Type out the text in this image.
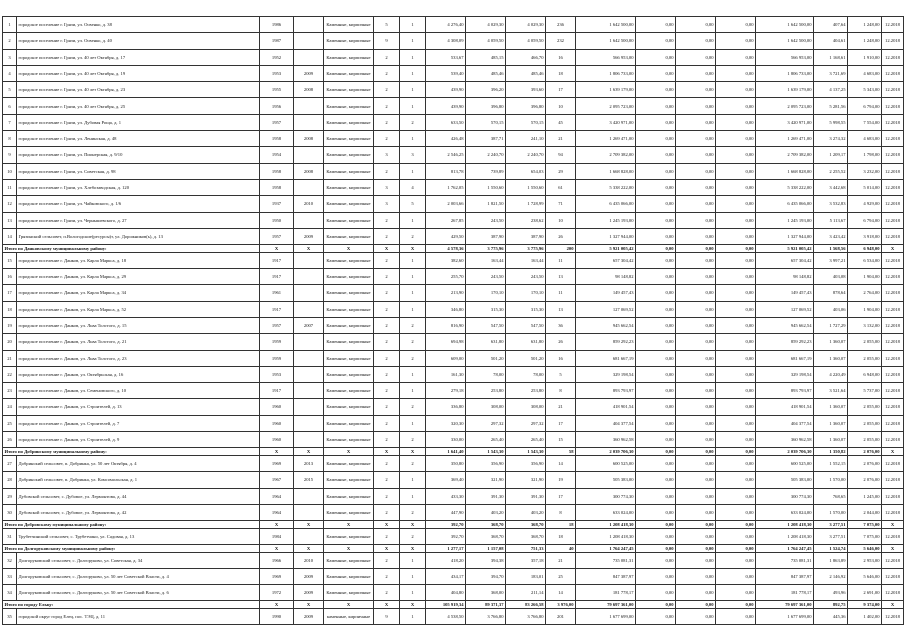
1	городское поселение г. Грязи, ул. Освенко, д. 38	1986		Каменные, кирпичные	5	1	4 276,40	4 029,30	4 029,30	236	1 642 500,00	0,00	0,00	0,00	1 642 500,00	407,64	1 248,00	12.2018
2	городское поселение г. Грязи, ул. Освенко, д. 40	1987		Каменные, кирпичные	9	1	4 308,09	4 059,50	4 059,50	232	1 642 500,00	0,00	0,00	0,00	1 642 500,00	404,61	1 248,00	12.2018
3	городское поселение г. Грязи, ул. 40 лет Октября, д. 17	1952		Каменные, кирпичные	2	1	533,67	485,15	466,70	16	566 953,00	0,00	0,00	0,00	566 953,00	1 168,61	1 910,00	12.2018
4	городское поселение г. Грязи, ул. 40 лет Октября, д. 19	1953	2009	Каменные, кирпичные	2	1	539,40	485,46	485,46	18	1 806 733,00	0,00	0,00	0,00	1 806 733,00	3 721,69	4 683,00	12.2018
5	городское поселение г. Грязи, ул. 40 лет Октября, д. 23	1955	2008	Каменные, кирпичные	2	1	439,90	396,20	393,60	17	1 639 179,00	0,00	0,00	0,00	1 639 179,00	4 137,25	5 343,00	12.2018
6	городское поселение г. Грязи, ул. 40 лет Октября, д. 25	1956		Каменные, кирпичные	2	1	439,90	396,80	396,80	10	2 095 723,00	0,00	0,00	0,00	2 095 723,00	5 281,56	6 794,00	12.2018
7	городское поселение г. Грязи, ул. Дубовая Роща, д. 1	1957		Каменные, кирпичные	2	2	633,50	570,15	570,15	45	3 420 971,00	0,00	0,00	0,00	3 420 971,00	5 998,55	7 554,00	12.2018
8	городское поселение г. Грязи, ул. Ленинская, д. 48	1958	2008	Каменные, кирпичные	2	1	426,48	387,71	241,10	21	1 269 471,00	0,00	0,00	0,00	1 269 471,00	3 274,32	4 683,00	12.2018
9	городское поселение г. Грязи, ул. Пионерская, д. 9/10	1954		Каменные, кирпичные	3	3	2 546,25	2 240,70	2 240,70	94	2 709 382,00	0,00	0,00	0,00	2 709 382,00	1 209,17	1 798,00	12.2018
10	городское поселение г. Грязи, ул. Советская, д. 98	1958	2008	Каменные, кирпичные	2	1	813,78	739,89	654,03	29	1 668 828,00	0,00	0,00	0,00	1 668 828,00	2 255,52	3 232,00	12.2018
11	городское поселение г. Грязи, ул. Хлебозаводская, д. 120	1958		Каменные, кирпичные	3	4	1 762,05	1 550,60	1 550,60	61	5 338 222,00	0,00	0,00	0,00	5 338 222,00	3 442,68	5 014,00	12.2018
12	городское поселение г. Грязи, ул. Чайковского, д. 1/6	1937	2010	Каменные, кирпичные	3	5	2 003,66	1 821,50	1 728,99	71	6 435 066,00	0,00	0,00	0,00	6 435 066,00	3 532,83	4 929,00	12.2018
13	городское поселение г. Грязи, ул. Чернышевского, д. 27	1950		Каменные, кирпичные	2	1	267,85	243,50	238,62	10	1 245 193,00	0,00	0,00	0,00	1 245 193,00	5 113,67	6 794,00	12.2018
14	Грязинский сельсовет, п.Вологодские(ресурсы)т, ул. Дорожников(ь), д. 13	1957	2009	Каменные, кирпичные	2	2	429,50	387,90	387,90	26	1 327 944,00	0,00	0,00	0,00	1 327 944,00	3 423,42	3 918,00	12.2018
Итого по Данковскому муниципальному району:		X	X	X	X	X	4 578,36	3 775,96	3 775,96	200	5 921 005,42	0,00	0,00	0,00	5 921 005,42	1 568,56	6 948,00	X
15	городское поселение г. Данков, ул. Карла Маркса, д. 18	1917		Каменные, кирпичные	2	1	382,60	163,44	163,44	11	657 304,42	0,00	0,00	0,00	657 304,42	3 997,21	6 534,00	12.2018
16	городское поселение г. Данков, ул. Карла Маркса, д. 29	1917		Каменные, кирпичные	2	1	255,70	243,50	243,50	13	98 148,82	0,00	0,00	0,00	98 148,82	403,08	1 904,00	12.2018
17	городское поселение г. Данков, ул. Карла Маркса, д. 34	1961		Каменные, кирпичные	2	1	213,90	170,10	170,10	11	149 457,43	0,00	0,00	0,00	149 457,43	878,64	2 764,00	12.2018
18	городское поселение г. Данков, ул. Карла Маркса, д. 52	1917		Каменные, кирпичные	2	1	346,80	315,30	315,30	13	127 069,52	0,00	0,00	0,00	127 069,52	403,06	1 904,00	12.2018
19	городское поселение г. Данков, ул. Льва Толстого, д. 15	1957	2007	Каменные, кирпичные	2	2	816,90	547,50	547,50	36	945 662,54	0,00	0,00	0,00	945 662,54	1 727,29	3 132,00	12.2018
20	городское поселение г. Данков, ул. Льва Толстого, д. 21	1959		Каменные, кирпичные	2	2	694,98	631,80	631,80	26	859 292,23	0,00	0,00	0,00	859 292,23	1 360,07	2 055,00	12.2018
21	городское поселение г. Данков, ул. Льва Толстого, д. 23	1959		Каменные, кирпичные	2	2	609,00	501,20	501,20	16	681 667,19	0,00	0,00	0,00	681 667,19	1 360,07	2 055,00	12.2018
22	городское поселение г. Данков, ул. Октябрьская, д. 16	1953		Каменные, кирпичные	2	1	161,30	78,00	78,00	5	329 198,54	0,00	0,00	0,00	329 198,54	4 220,49	6 948,00	12.2018
23	городское поселение г. Данков, ул. Семеновского, д. 10	1917		Каменные, кирпичные	2	1	279,18	253,80	253,80	8	893 793,97	0,00	0,00	0,00	893 793,97	3 521,64	5 737,00	12.2018
24	городское поселение г. Данков, ул. Строителей, д. 13	1960		Каменные, кирпичные	2	2	336,80	308,00	308,00	21	418 901,54	0,00	0,00	0,00	418 901,54	1 360,07	2 055,00	12.2018
25	городское поселение г. Данков, ул. Строителей, д. 7	1960		Каменные, кирпичные	2	1	320,30	297,32	297,32	17	404 377,54	0,00	0,00	0,00	404 377,54	1 360,07	2 055,00	12.2018
26	городское поселение г. Данков, ул. Строителей, д. 9	1960		Каменные, кирпичные	2	2	330,00	265,40	265,40	15	360 962,58	0,00	0,00	0,00	360 962,58	1 360,07	2 055,00	12.2018
Итого по Добринскому муниципальному району:		X	X	X	X	X	1 641,40	1 543,30	1 543,30	58	2 039 706,30	0,00	0,00	0,00	2 039 706,30	1 350,82	2 076,00	X
27	Добринский сельсовет, п. Добринка, ул. 50 лет Октября, д. 4	1969	2013	Каменные, кирпичные	2	2	350,80	356,90	356,90	14	600 525,00	0,00	0,00	0,00	600 525,00	1 552,15	2 076,00	12.2018
28	Добринский сельсовет, п. Добринка, ул. Комсомольская, д. 1	1967	2015	Каменные, кирпичные	2	1	369,40	321,90	321,90	19	505 383,00	0,00	0,00	0,00	505 383,00	1 570,00	2 076,00	12.2018
29	Дубовской сельсовет, с. Дубовое, ул. Лермонтова, д. 44	1964		Каменные, кирпичные	2	1	433,30	391,30	391,30	17	300 774,30	0,00	0,00	0,00	300 774,30	768,65	1 245,00	12.2018
30	Дубовской сельсовет, с. Дубовое, ул. Лермонтова, д. 42	1964		Каменные, кирпичные	2	2	447,90	403,20	403,20	8	633 024,00	0,00	0,00	0,00	633 024,00	1 570,00	2 044,00	12.2018
Итого по Добровскому муниципальному району:		X	X	X	X	X	392,70	368,70	368,70	18	1 208 418,30	0,00	0,00	0,00	1 208 418,30	3 277,51	7 075,00	X
31	Трубетчинский сельсовет, с. Трубетчино, ул. Садовая, д. 13	1984		Каменные, кирпичные	2	2	392,70	368,70	368,70	18	1 208 418,30	0,00	0,00	0,00	1 208 418,30	3 277,51	7 075,00	12.2018
Итого по Долгоруковскому муниципальному району:		X	X	X	X	X	1 277,17	1 157,08	751,33	40	1 764 247,45	0,00	0,00	0,00	1 764 247,45	1 524,74	5 646,00	X
32	Долгоруковский сельсовет, с. Долгоруково, ул. Советская, д. 34	1966	2010	Каменные, кирпичные	2	1	418,20	394,38	357,18	21	735 081,31	0,00	0,00	0,00	735 081,31	1 863,89	2 953,00	12.2018
33	Долгоруковский сельсовет, с. Долгоруково, ул. 50 лет Советской Власти, д. 4	1969	2009	Каменные, кирпичные	2	1	434,17	394,70	183,01	25	847 387,97	0,00	0,00	0,00	847 387,97	2 146,92	5 646,00	12.2018
34	Долгоруковский сельсовет, с. Долгоруково, ул. 50 лет Советской Власти, д. 6	1972	2009	Каменные, кирпичные	2	1	404,80	368,00	211,14	14	181 778,17	0,00	0,00	0,00	181 778,17	493,96	2 691,00	12.2018
Итого по городу Ельцу:		X	X	X	X	X	105 919,34	89 371,37	83 266,58	3 976,00	79 697 361,00	0,00	0,00	0,00	79 697 361,00	892,75	9 374,00	X
35	городской округ город Елец, пос. ТЭЦ, д. 11	1990	2009	каменные, кирпичные	9	1	4 538,50	3 766,80	3 766,80	201	1 677 699,00	0,00	0,00	0,00	1 677 699,00	445,36	1 402,00	12.2018
